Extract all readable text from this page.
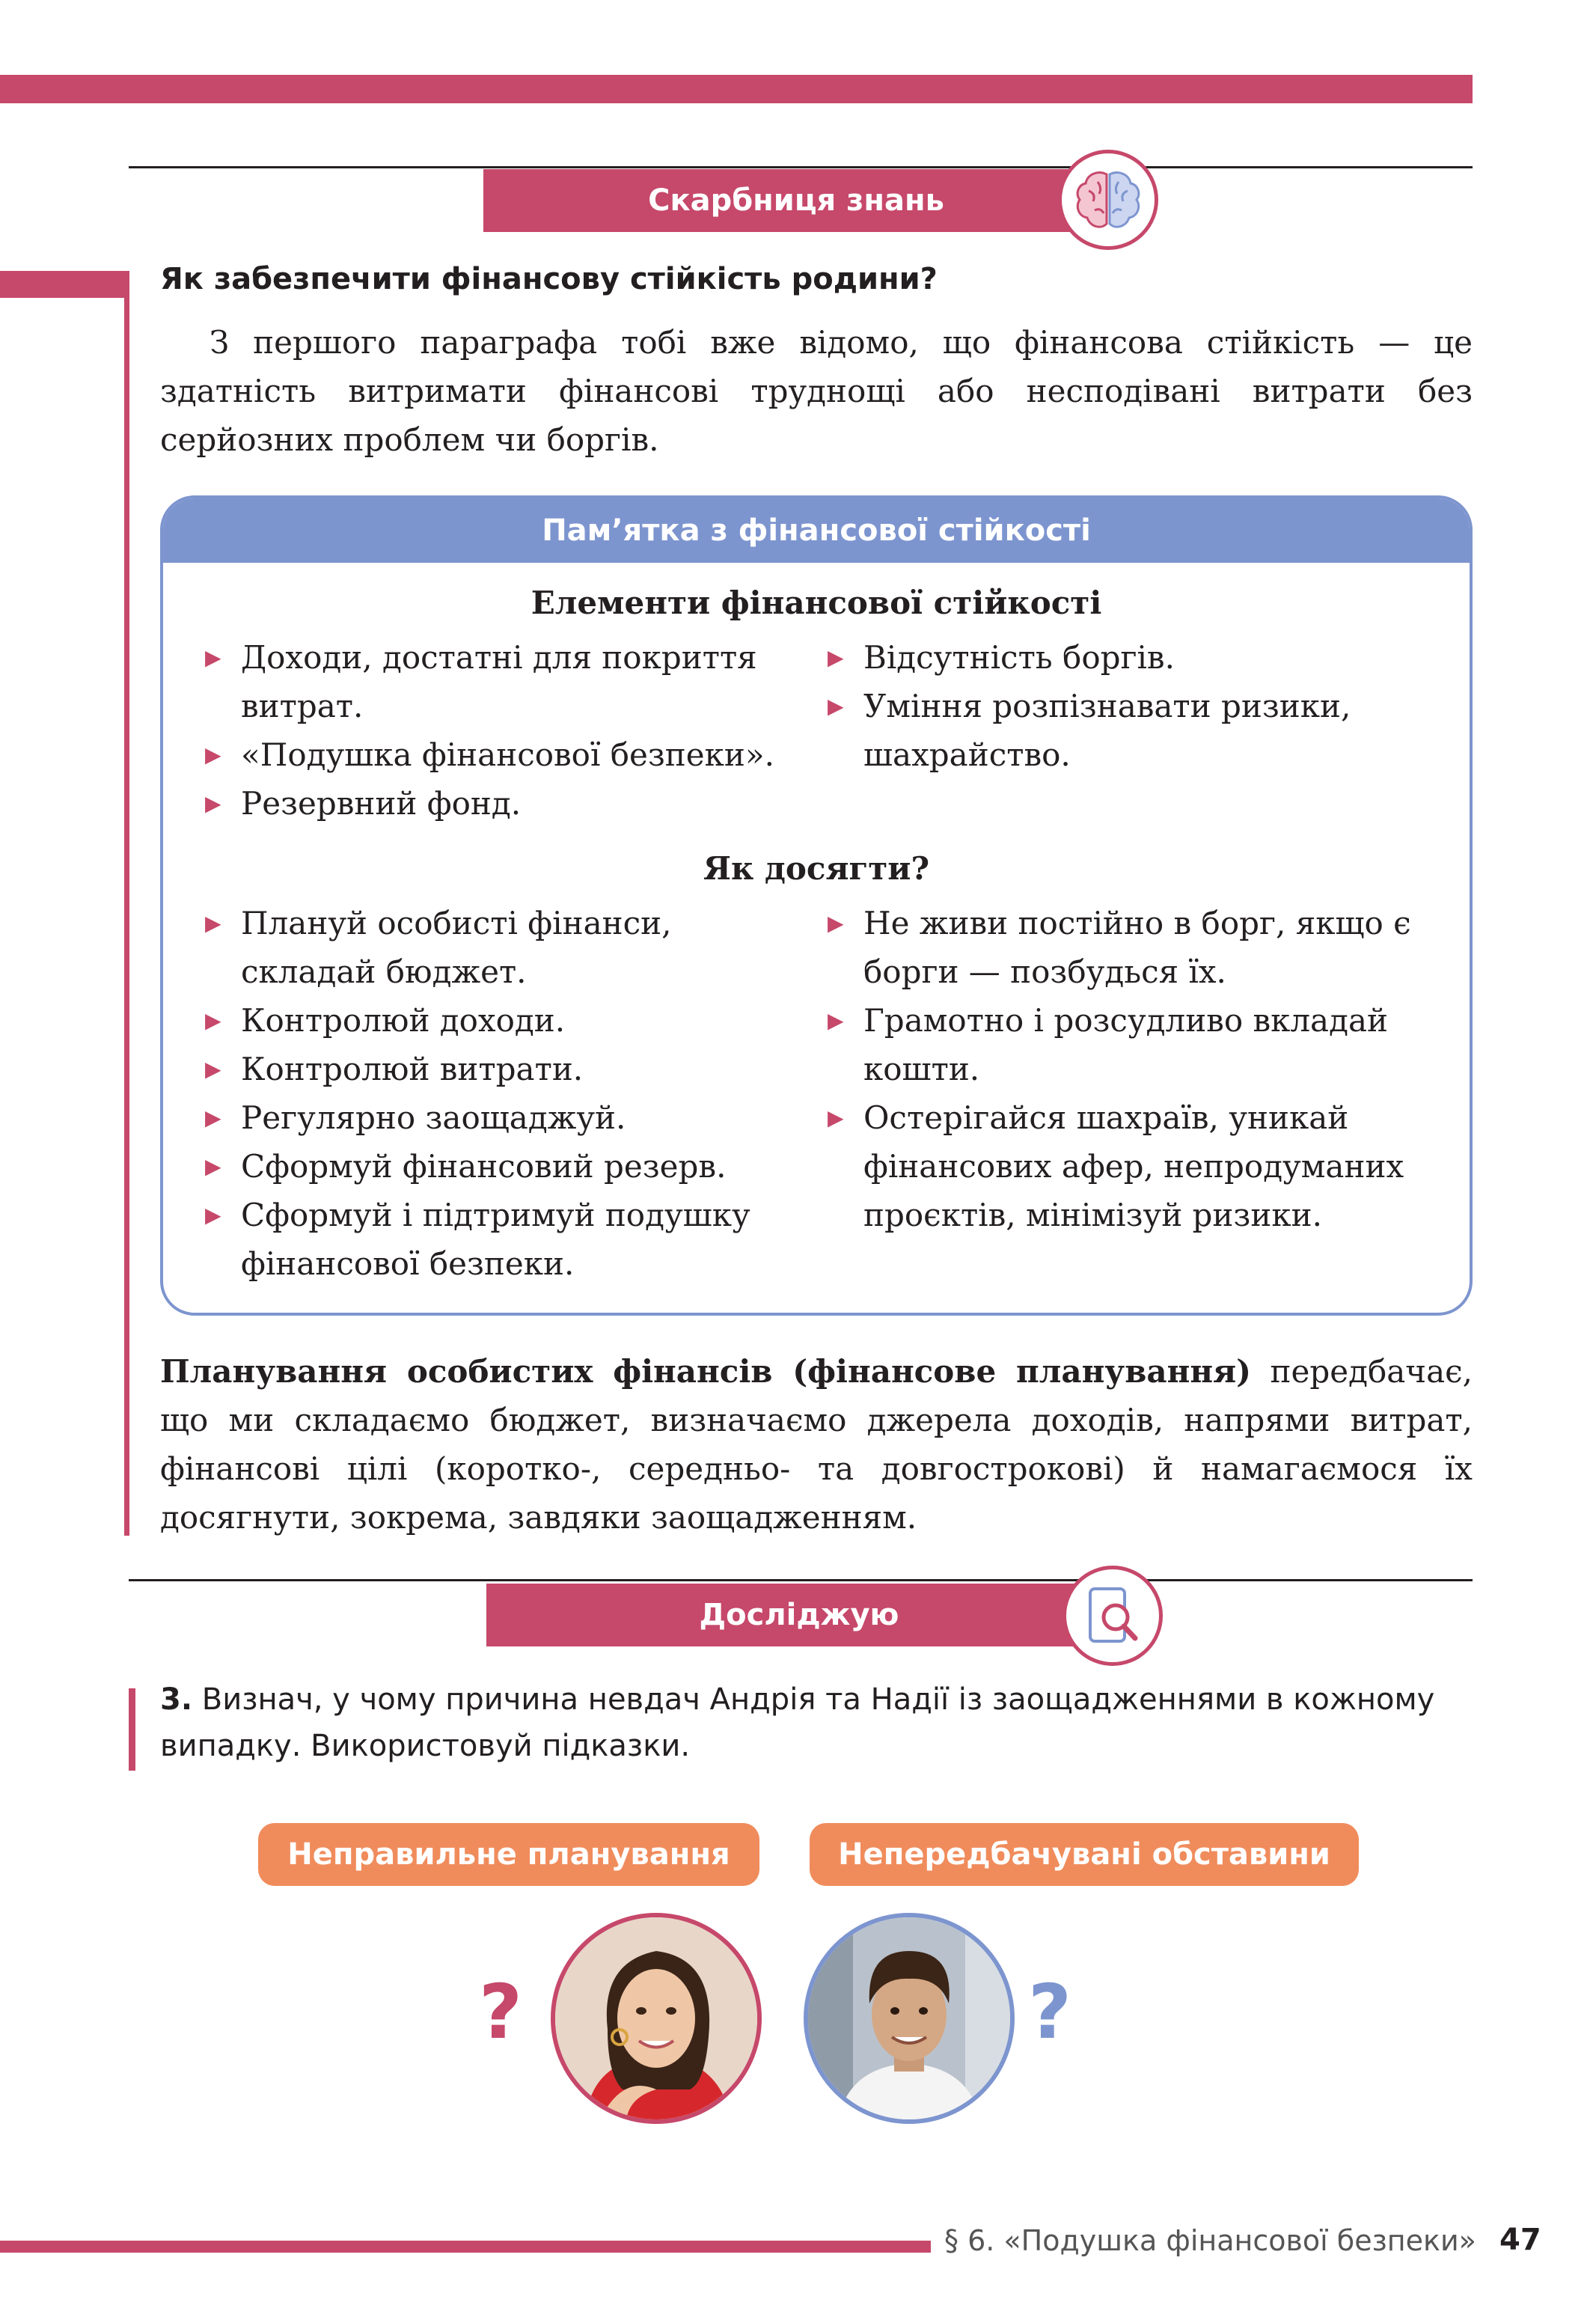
Скарбниця знань
Як забезпечити фінансову стійкість родини?
З першого параграфа тобі вже відомо, що фінансова стійкість — це здатність витримати фінансові труднощі або несподівані витрати без серйозних проблем чи боргів.
Пам’ятка з фінансової стійкості
Елементи фінансової стійкості
▶ Доходи, достатні для покриття витрат.
▶ «Подушка фінансової безпеки».
▶ Резервний фонд.
▶ Відсутність боргів.
▶ Уміння розпізнавати ризики, шахрайство.
Як досягти?
▶ Плануй особисті фінанси, складай бюджет.
▶ Контролюй доходи.
▶ Контролюй витрати.
▶ Регулярно заощаджуй.
▶ Сформуй фінансовий резерв.
▶ Сформуй і підтримуй подушку фінансової безпеки.
▶ Не живи постійно в борг, якщо є борги — позбудься їх.
▶ Грамотно і розсудливо вкладай кошти.
▶ Остерігайся шахраїв, уникай фінансових афер, непродуманих проєктів, мінімізуй ризики.
Планування особистих фінансів (фінансове планування) передбачає, що ми складаємо бюджет, визначаємо джерела доходів, напрями витрат, фінансові цілі (коротко-, середньо- та довгострокові) й намагаємося їх досягнути, зокрема, завдяки заощадженням.
Досліджую
3. Визнач, у чому причина невдач Андрія та Надії із заощадженнями в кожному випадку. Використовуй підказки.
Неправильне планування	Непередбачувані обставини
?	?
§ 6. «Подушка фінансової безпеки» 47
